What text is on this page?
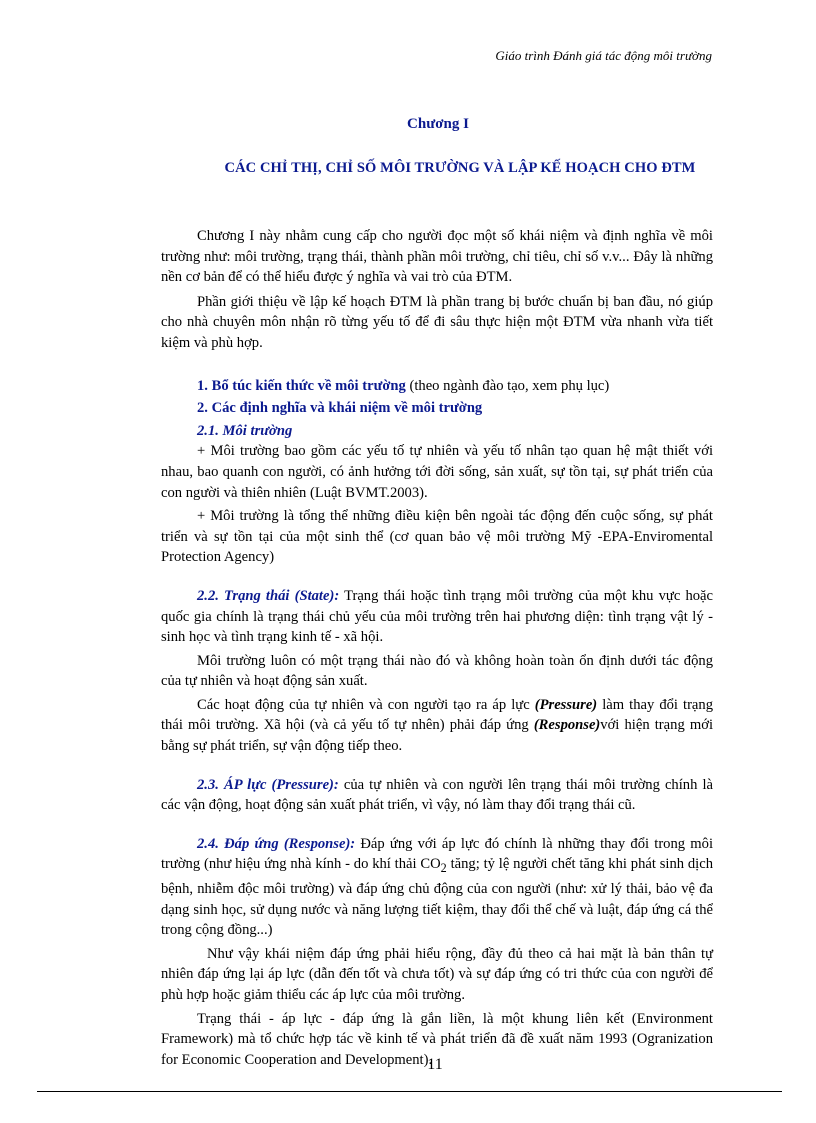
Giáo trình Đánh giá tác động môi trường
Chương I
CÁC CHỈ THỊ, CHỈ SỐ MÔI TRƯỜNG VÀ LẬP KẾ HOẠCH CHO ĐTM

Chương I này nhằm cung cấp cho người đọc một số khái niệm và định nghĩa về môi trường như: môi trường, trạng thái, thành phần môi trường, chỉ tiêu, chỉ số v.v... Đây là những nền cơ bản để có thể hiểu được ý nghĩa và vai trò của ĐTM.

Phần giới thiệu về lập kế hoạch ĐTM là phần trang bị bước chuẩn bị ban đầu, nó giúp cho nhà chuyên môn nhận rõ từng yếu tố để đi sâu thực hiện một ĐTM vừa nhanh vừa tiết kiệm và phù hợp.

1. Bổ túc kiến thức về môi trường (theo ngành đào tạo, xem phụ lục)

2. Các định nghĩa và khái niệm về môi trường

2.1. Môi trường

+ Môi trường bao gồm các yếu tố tự nhiên và yếu tố nhân tạo quan hệ mật thiết với nhau, bao quanh con người, có ảnh hưởng tới đời sống, sản xuất, sự tồn tại, sự phát triển của con người và thiên nhiên (Luật BVMT.2003).

+ Môi trường là tổng thể những điều kiện bên ngoài tác động đến cuộc sống, sự phát triển và sự tồn tại của một sinh thể (cơ quan bảo vệ môi trường Mỹ -EPA-Enviromental Protection Agency)

2.2. Trạng thái (State): Trạng thái hoặc tình trạng môi trường của một khu vực hoặc quốc gia chính là trạng thái chủ yếu của môi trường trên hai phương diện: tình trạng vật lý - sinh học và tình trạng kinh tế - xã hội.

Môi trường luôn có một trạng thái nào đó và không hoàn toàn ổn định dưới tác động của tự nhiên và hoạt động sản xuất.

Các hoạt động của tự nhiên và con người tạo ra áp lực (Pressure) làm thay đổi trạng thái môi trường. Xã hội (và cả yếu tố tự nhên) phải đáp ứng (Response)với hiện trạng mới bằng sự phát triển, sự vận động tiếp theo.

2.3. ÁP lực (Pressure): của tự nhiên và con người lên trạng thái môi trường chính là các vận động, hoạt động sản xuất phát triển, vì vậy, nó làm thay đổi trạng thái cũ.

2.4. Đáp ứng (Response): Đáp ứng với áp lực đó chính là những thay đổi trong môi trường (như hiệu ứng nhà kính - do khí thải $CO_2$ tăng; tỷ lệ người chết tăng khi phát sinh dịch bệnh, nhiễm độc môi trường) và đáp ứng chủ động của con người (như: xử lý thải, bảo vệ đa dạng sinh học, sử dụng nước và năng lượng tiết kiệm, thay đổi thể chế và luật, đáp ứng cá thể trong cộng đồng...)

Như vậy khái niệm đáp ứng phải hiểu rộng, đầy đủ theo cả hai mặt là bản thân tự nhiên đáp ứng lại áp lực (dẫn đến tốt và chưa tốt) và sự đáp ứng có tri thức của con người để phù hợp hoặc giảm thiểu các áp lực của môi trường.

Trạng thái - áp lực - đáp ứng là gắn liền, là một khung liên kết (Environment Framework) mà tổ chức hợp tác về kinh tế và phát triển đã đề xuất năm 1993 (Ogranization for Economic Cooperation and Development).

11
